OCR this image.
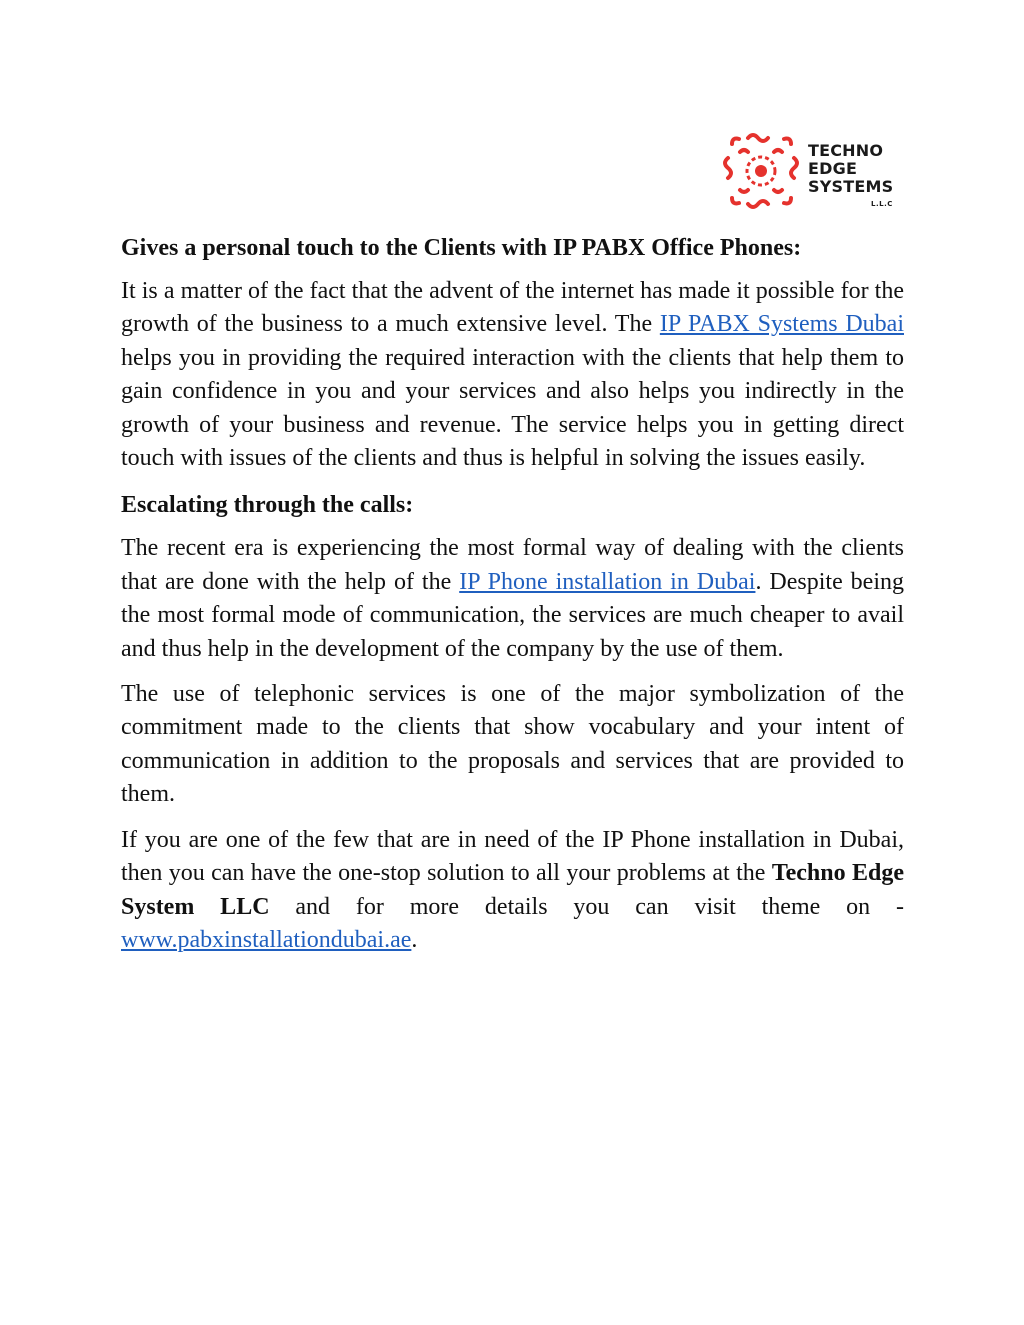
TECHNO
EDGE
SYSTEMS
L.L.C
Gives a personal touch to the Clients with IP PABX Office Phones:

It is a matter of the fact that the advent of the internet has made it possible for the growth of the business to a much extensive level. The IP PABX Systems Dubai helps you in providing the required interaction with the clients that help them to gain confidence in you and your services and also helps you indirectly in the growth of your business and revenue. The service helps you in getting direct touch with issues of the clients and thus is helpful in solving the issues easily.

Escalating through the calls:

The recent era is experiencing the most formal way of dealing with the clients that are done with the help of the IP Phone installation in Dubai. Despite being the most formal mode of communication, the services are much cheaper to avail and thus help in the development of the company by the use of them.

The use of telephonic services is one of the major symbolization of the commitment made to the clients that show vocabulary and your intent of communication in addition to the proposals and services that are provided to them.

If you are one of the few that are in need of the IP Phone installation in Dubai, then you can have the one-stop solution to all your problems at the Techno Edge System LLC and for more details you can visit theme on - www.pabxinstallationdubai.ae.
